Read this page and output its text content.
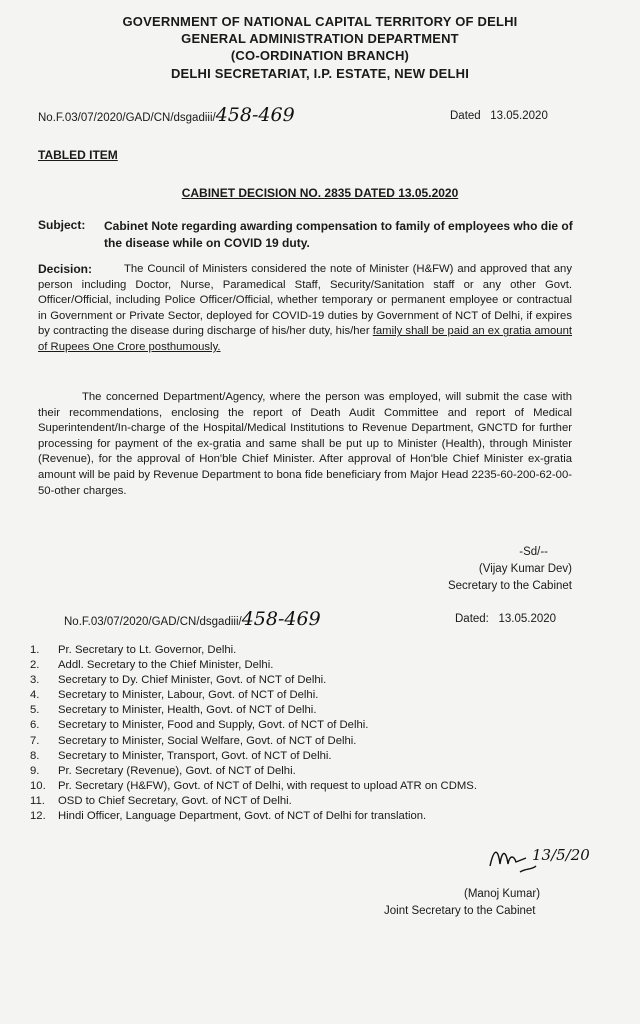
GOVERNMENT OF NATIONAL CAPITAL TERRITORY OF DELHI
GENERAL ADMINISTRATION DEPARTMENT
(CO-ORDINATION BRANCH)
DELHI SECRETARIAT, I.P. ESTATE, NEW DELHI
No.F.03/07/2020/GAD/CN/dsgadiii/458-469	Dated 13.05.2020
TABLED ITEM
CABINET DECISION NO. 2835 DATED 13.05.2020
Subject: Cabinet Note regarding awarding compensation to family of employees who die of the disease while on COVID 19 duty.
Decision:	The Council of Ministers considered the note of Minister (H&FW) and approved that any person including Doctor, Nurse, Paramedical Staff, Security/Sanitation staff or any other Govt. Officer/Official, including Police Officer/Official, whether temporary or permanent employee or contractual in Government or Private Sector, deployed for COVID-19 duties by Government of NCT of Delhi, if expires by contracting the disease during discharge of his/her duty, his/her family shall be paid an ex gratia amount of Rupees One Crore posthumously.
The concerned Department/Agency, where the person was employed, will submit the case with their recommendations, enclosing the report of Death Audit Committee and report of Medical Superintendent/In-charge of the Hospital/Medical Institutions to Revenue Department, GNCTD for further processing for payment of the ex-gratia and same shall be put up to Minister (Health), through Minister (Revenue), for the approval of Hon'ble Chief Minister. After approval of Hon'ble Chief Minister ex-gratia amount will be paid by Revenue Department to bona fide beneficiary from Major Head 2235-60-200-62-00-50-other charges.
-Sd/--
(Vijay Kumar Dev)
Secretary to the Cabinet
No.F.03/07/2020/GAD/CN/dsgadiii/458-469	Dated: 13.05.2020
1.	Pr. Secretary to Lt. Governor, Delhi.
2.	Addl. Secretary to the Chief Minister, Delhi.
3.	Secretary to Dy. Chief Minister, Govt. of NCT of Delhi.
4.	Secretary to Minister, Labour, Govt. of NCT of Delhi.
5.	Secretary to Minister, Health, Govt. of NCT of Delhi.
6.	Secretary to Minister, Food and Supply, Govt. of NCT of Delhi.
7.	Secretary to Minister, Social Welfare, Govt. of NCT of Delhi.
8.	Secretary to Minister, Transport, Govt. of NCT of Delhi.
9.	Pr. Secretary (Revenue), Govt. of NCT of Delhi.
10.	Pr. Secretary (H&FW), Govt. of NCT of Delhi, with request to upload ATR on CDMS.
11.	OSD to Chief Secretary, Govt. of NCT of Delhi.
12.	Hindi Officer, Language Department, Govt. of NCT of Delhi for translation.
13/5/20
(Manoj Kumar)
Joint Secretary to the Cabinet
